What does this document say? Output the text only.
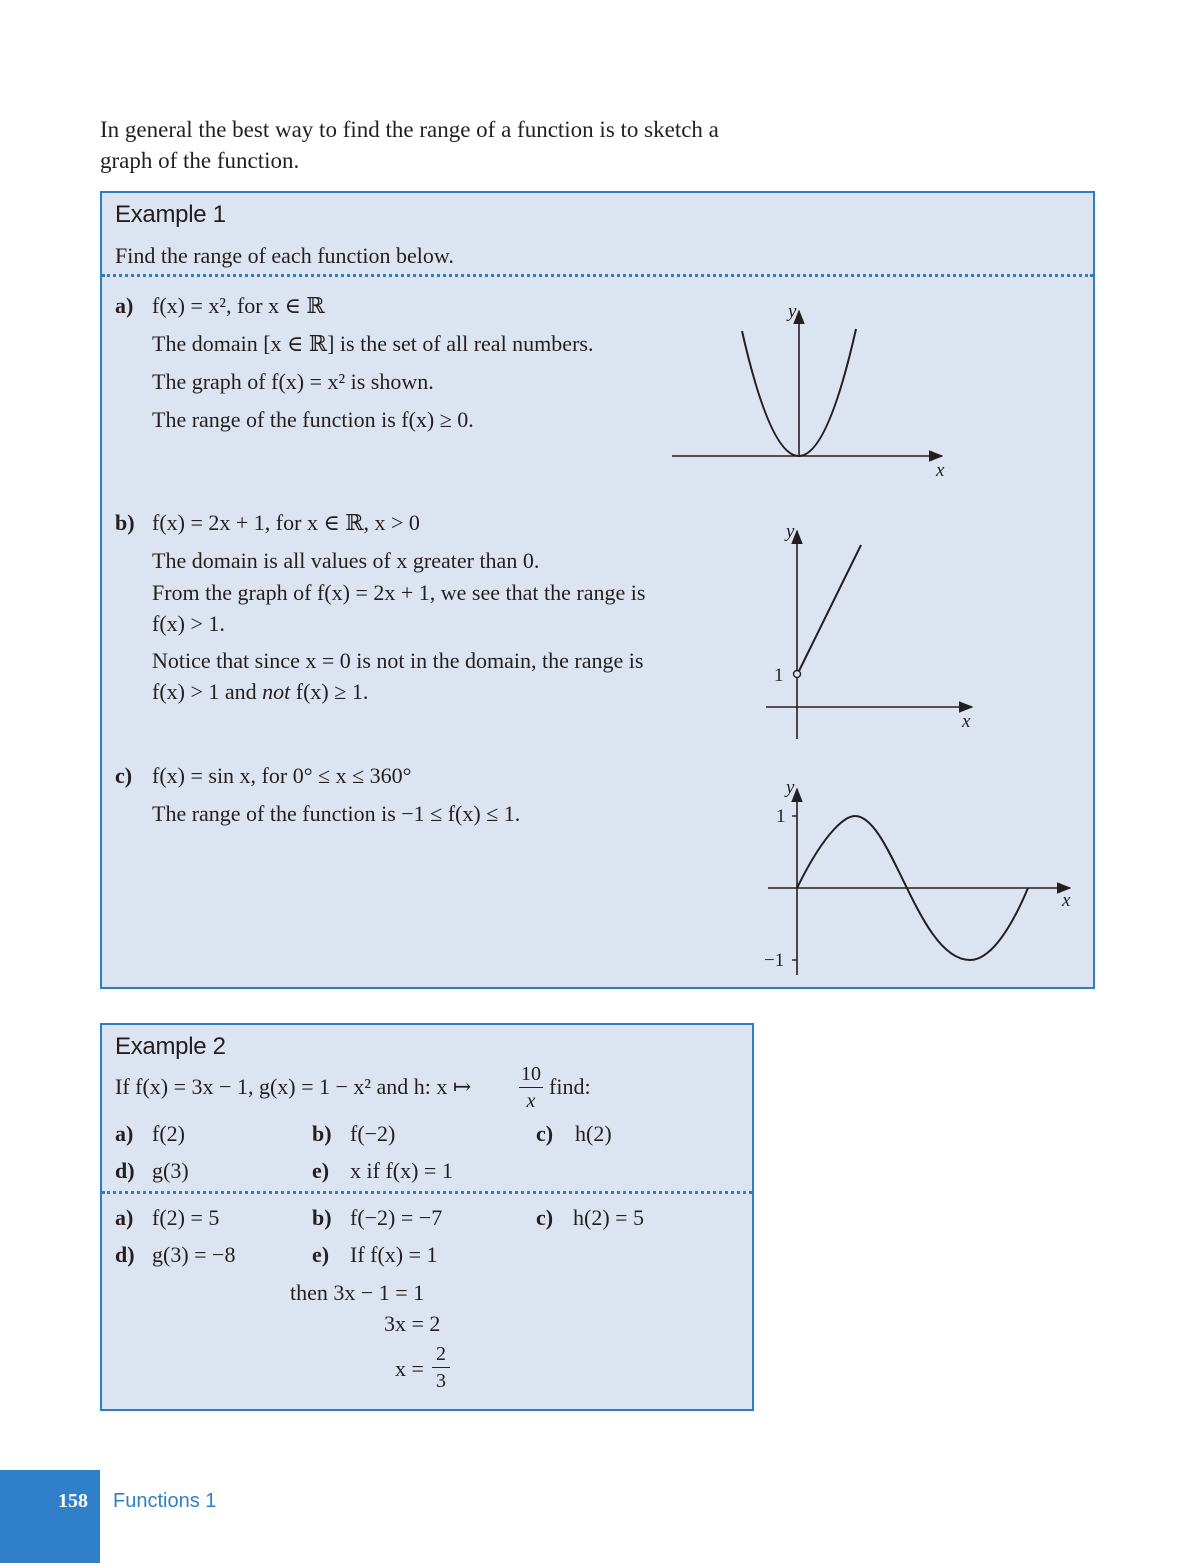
In general the best way to find the range of a function is to sketch a
graph of the function.
Example 1
Find the range of each function below.
a) f(x) = x², for x ∈ ℝ
The domain [x ∈ ℝ] is the set of all real numbers.
The graph of f(x) = x² is shown.
The range of the function is f(x) ≥ 0.
b) f(x) = 2x + 1, for x ∈ ℝ, x > 0
The domain is all values of x greater than 0.
From the graph of f(x) = 2x + 1, we see that the range is
f(x) > 1.
Notice that since x = 0 is not in the domain, the range is
f(x) > 1 and not f(x) ≥ 1.
c) f(x) = sin x, for 0° ≤ x ≤ 360°
The range of the function is −1 ≤ f(x) ≤ 1.
x
y
1
x
y
1
−1
x
y
Example 2
If f(x) = 3x − 1, g(x) = 1 − x² and h: x ↦ 10
x
find:
a) f(2)	b) f(−2)	c) h(2)
d) g(3)	e) x if f(x) = 1
a) f(2) = 5	b) f(−2) = −7	c) h(2) = 5
d) g(3) = −8	e) If f(x) = 1
then 3x − 1 = 1
3x = 2
x =
2
3
158	Functions 1
